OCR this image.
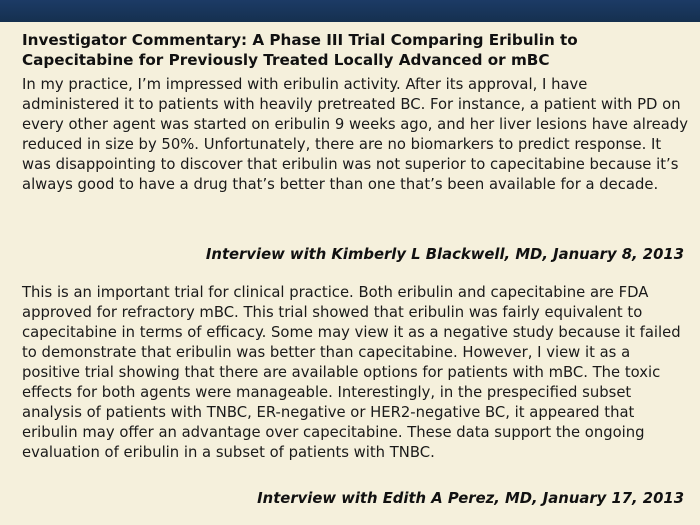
Investigator Commentary: A Phase III Trial Comparing Eribulin to Capecitabine for Previously Treated Locally Advanced or mBC
In my practice, I’m impressed with eribulin activity. After its approval, I have administered it to patients with heavily pretreated BC. For instance, a patient with PD on every other agent was started on eribulin 9 weeks ago, and her liver lesions have already reduced in size by 50%. Unfortunately, there are no biomarkers to predict response. It was disappointing to discover that eribulin was not superior to capecitabine because it’s always good to have a drug that’s better than one that’s been available for a decade.
Interview with Kimberly L Blackwell, MD, January 8, 2013
This is an important trial for clinical practice. Both eribulin and capecitabine are FDA approved for refractory mBC. This trial showed that eribulin was fairly equivalent to capecitabine in terms of efficacy. Some may view it as a negative study because it failed to demonstrate that eribulin was better than capecitabine. However, I view it as a positive trial showing that there are available options for patients with mBC. The toxic effects for both agents were manageable. Interestingly, in the prespecified subset analysis of patients with TNBC, ER-negative or HER2-negative BC, it appeared that eribulin may offer an advantage over capecitabine. These data support the ongoing evaluation of eribulin in a subset of patients with TNBC.
Interview with Edith A Perez, MD, January 17, 2013
